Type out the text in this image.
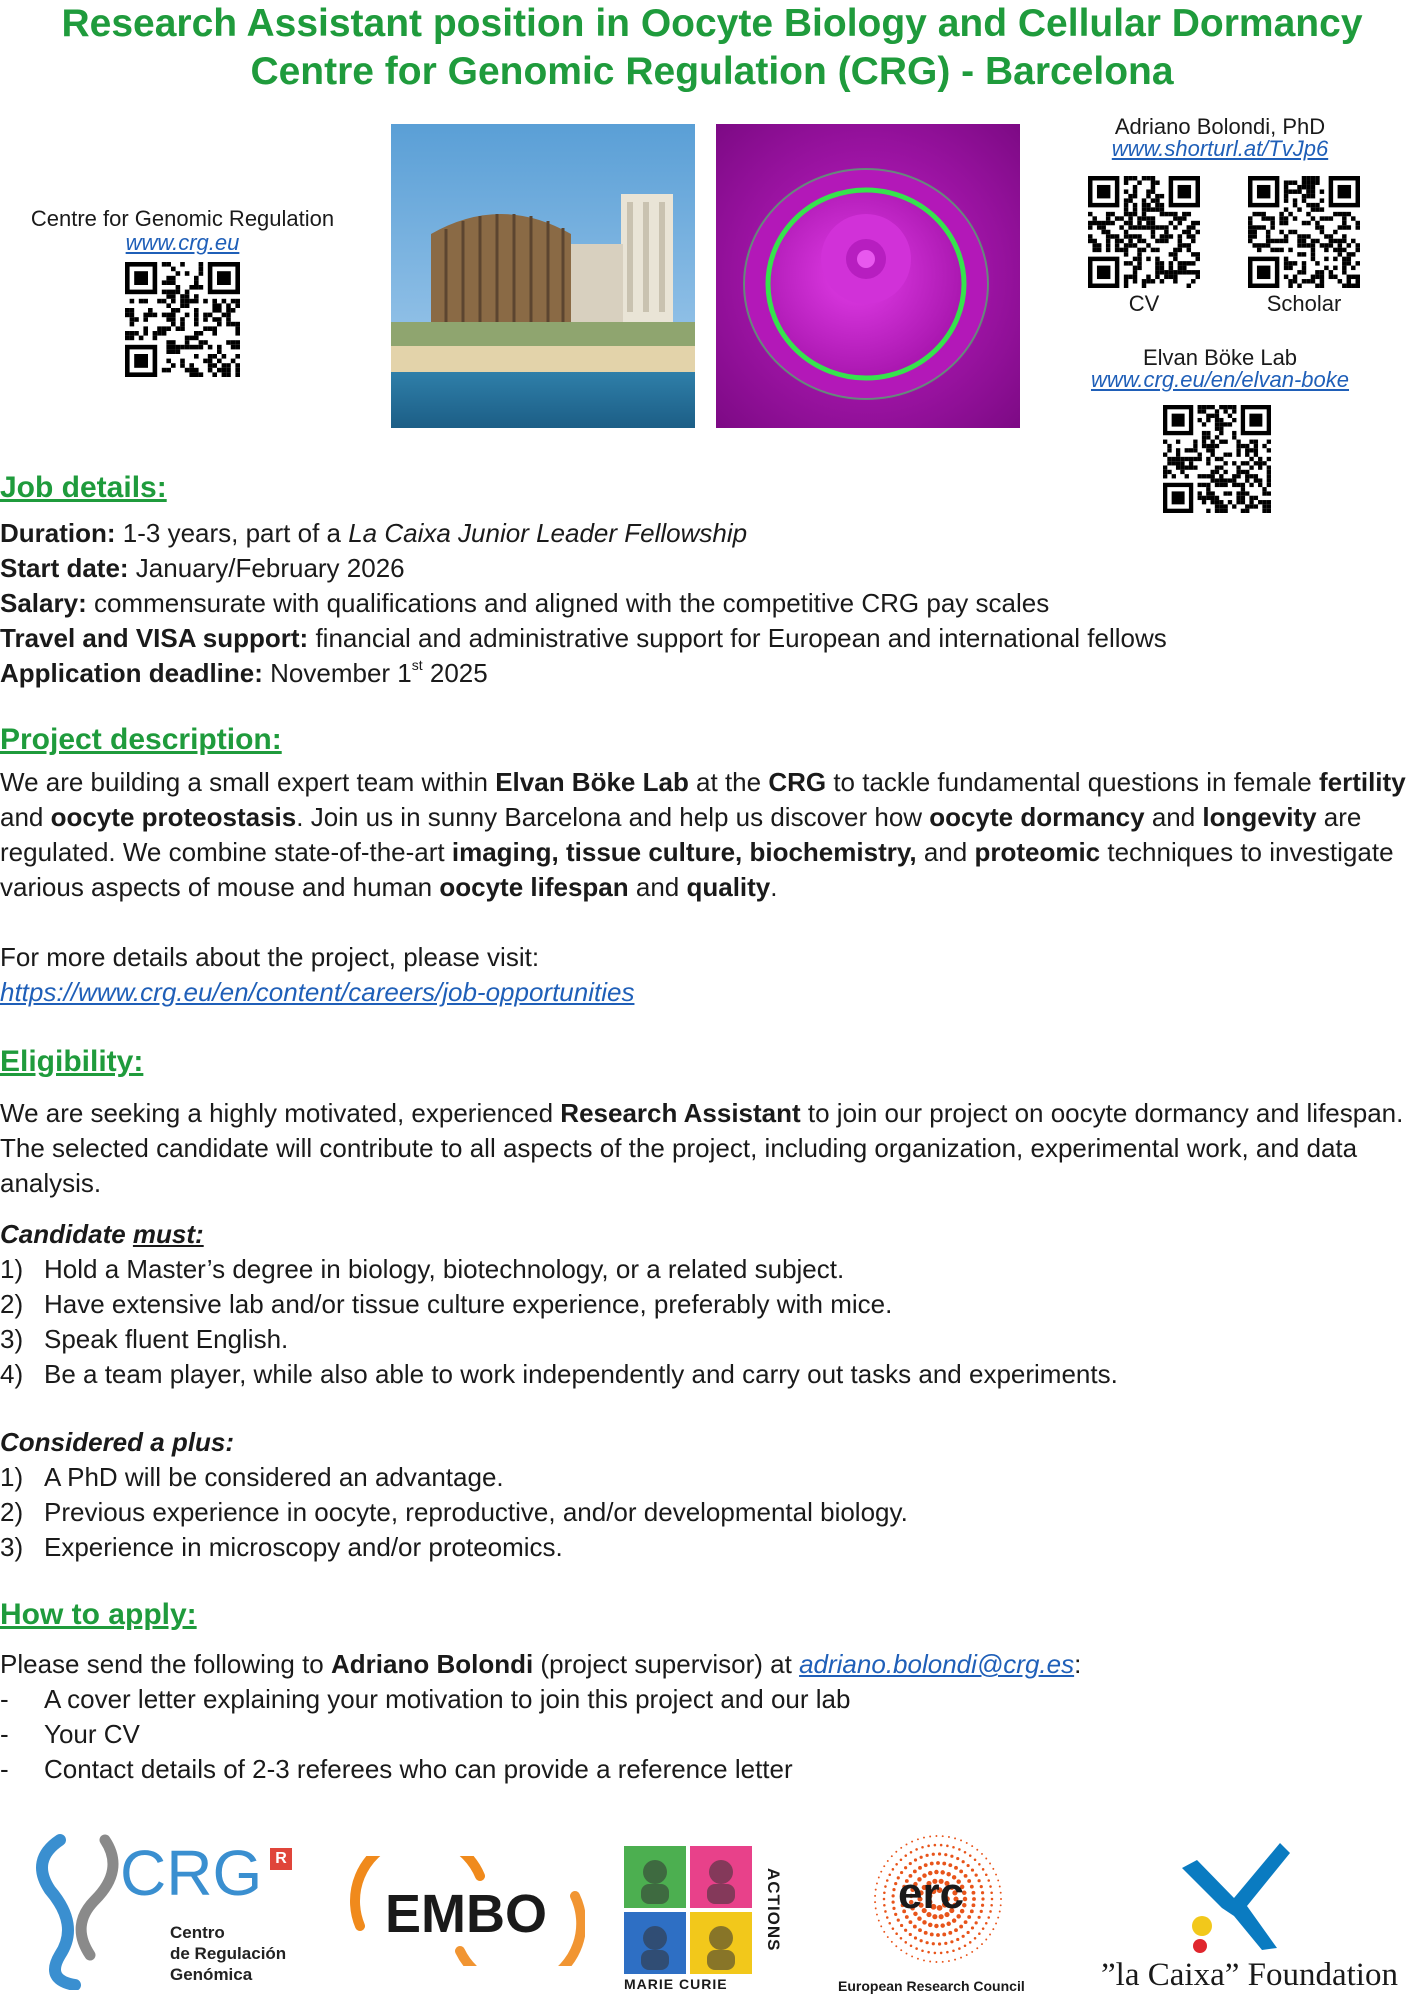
Research Assistant position in Oocyte Biology and Cellular Dormancy
Centre for Genomic Regulation (CRG) - Barcelona
Centre for Genomic Regulation
www.crg.eu
Adriano Bolondi, PhD
www.shorturl.at/TvJp6
CV	Scholar
Elvan Böke Lab
www.crg.eu/en/elvan-boke
Job details:
Duration: 1-3 years, part of a La Caixa Junior Leader Fellowship
Start date: January/February 2026
Salary: commensurate with qualifications and aligned with the competitive CRG pay scales
Travel and VISA support: financial and administrative support for European and international fellows
Application deadline: November 1st 2025
Project description:
We are building a small expert team within Elvan Böke Lab at the CRG to tackle fundamental questions in female fertility and oocyte proteostasis. Join us in sunny Barcelona and help us discover how oocyte dormancy and longevity are regulated. We combine state-of-the-art imaging, tissue culture, biochemistry, and proteomic techniques to investigate various aspects of mouse and human oocyte lifespan and quality.
For more details about the project, please visit:
https://www.crg.eu/en/content/careers/job-opportunities
Eligibility:
We are seeking a highly motivated, experienced Research Assistant to join our project on oocyte dormancy and lifespan. The selected candidate will contribute to all aspects of the project, including organization, experimental work, and data analysis.
Candidate must:
1) Hold a Master’s degree in biology, biotechnology, or a related subject.
2) Have extensive lab and/or tissue culture experience, preferably with mice.
3) Speak fluent English.
4) Be a team player, while also able to work independently and carry out tasks and experiments.
Considered a plus:
1) A PhD will be considered an advantage.
2) Previous experience in oocyte, reproductive, and/or developmental biology.
3) Experience in microscopy and/or proteomics.
How to apply:
Please send the following to Adriano Bolondi (project supervisor) at adriano.bolondi@crg.es:
- A cover letter explaining your motivation to join this project and our lab
- Your CV
- Contact details of 2-3 referees who can provide a reference letter
CRG R
Centro
de Regulación
Genómica
EMBO	ACTIONS
MARIE CURIE
erc
European Research Council	”la Caixa” Foundation
